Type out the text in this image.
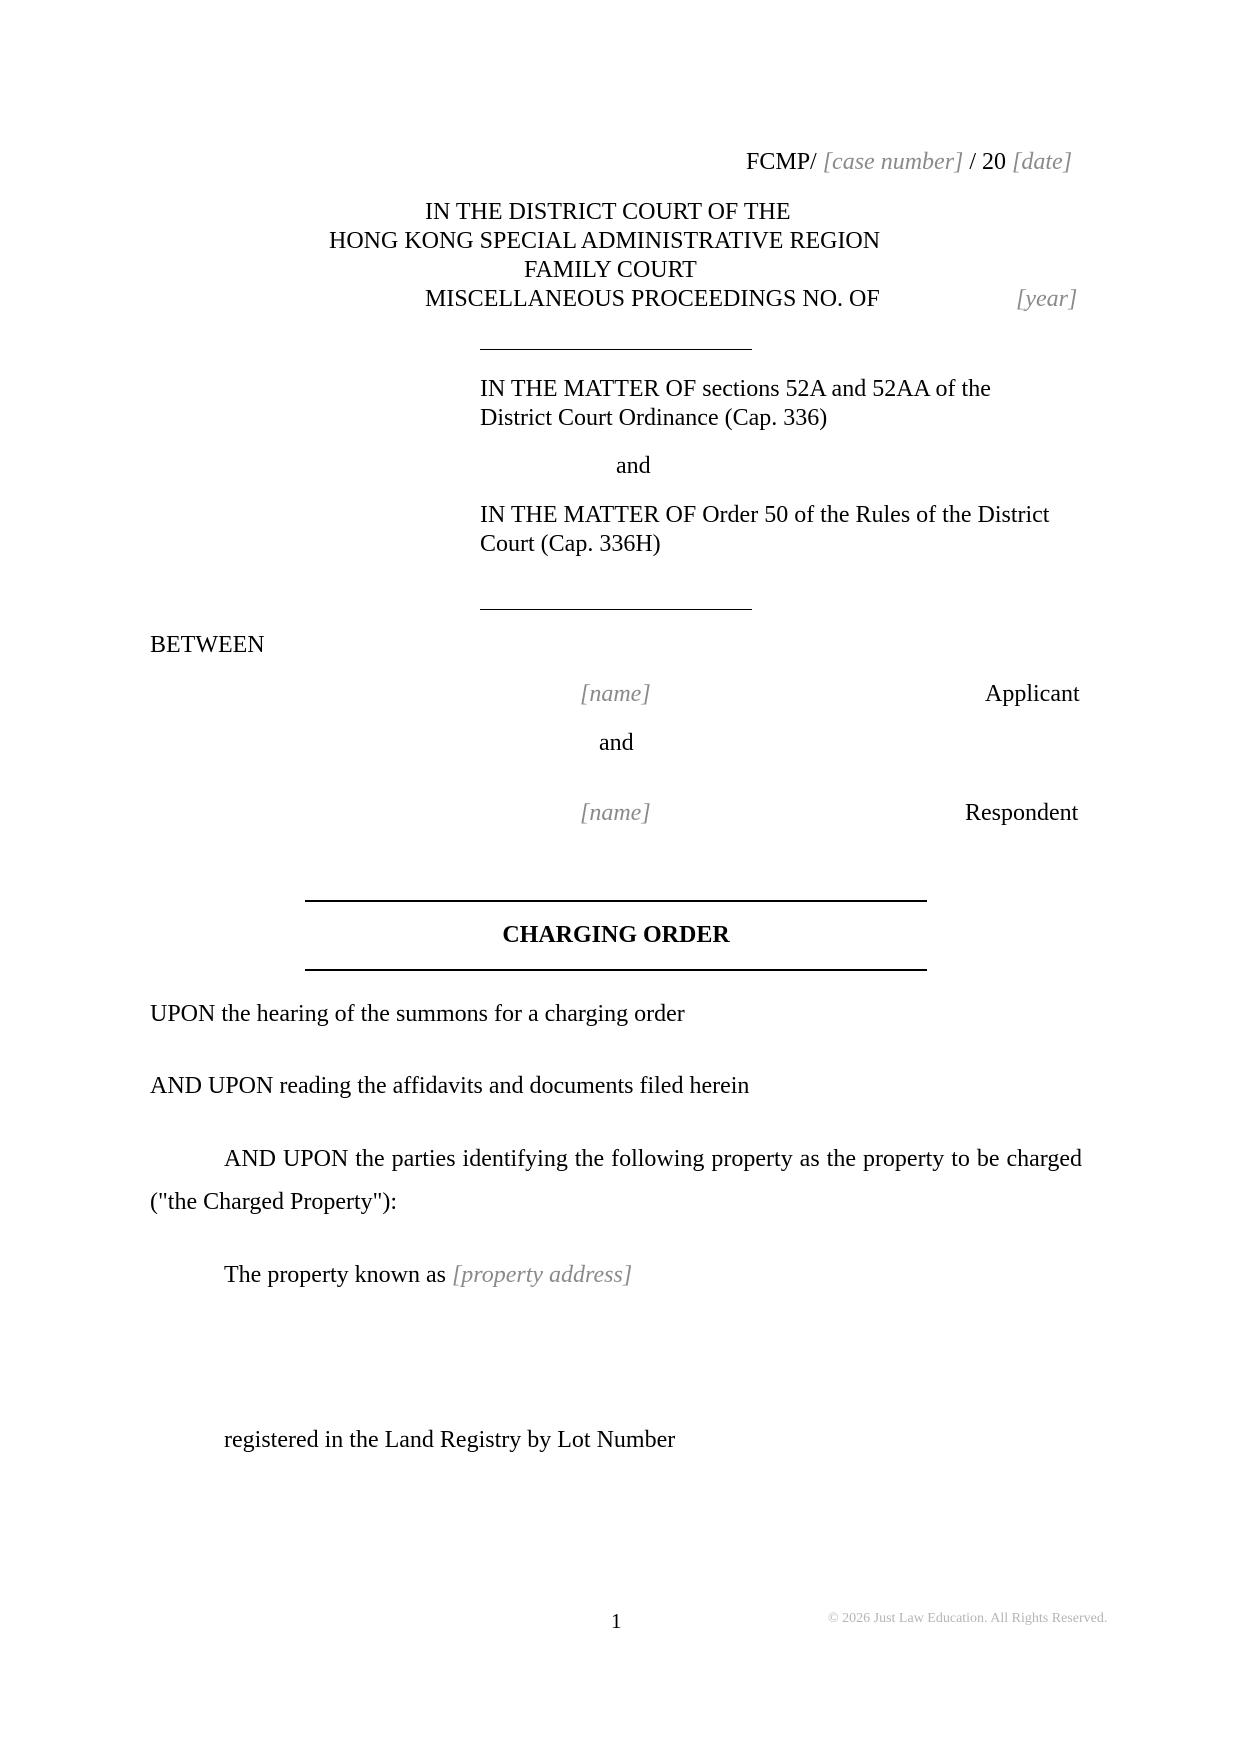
FCMP/ [case number] / 20 [date]
IN THE DISTRICT COURT OF THE
HONG KONG SPECIAL ADMINISTRATIVE REGION
FAMILY COURT
MISCELLANEOUS PROCEEDINGS NO. OF	[year]
IN THE MATTER OF sections 52A and 52AA of the
District Court Ordinance (Cap. 336)
and
IN THE MATTER OF Order 50 of the Rules of the District
Court (Cap. 336H)
BETWEEN
[name]	Applicant
and
[name]	Respondent
CHARGING ORDER
UPON the hearing of the summons for a charging order
AND UPON reading the affidavits and documents filed herein
AND UPON the parties identifying the following property as the property to be charged ("the Charged Property"):
The property known as [property address]
registered in the Land Registry by Lot Number
1	© 2026 Just Law Education. All Rights Reserved.
